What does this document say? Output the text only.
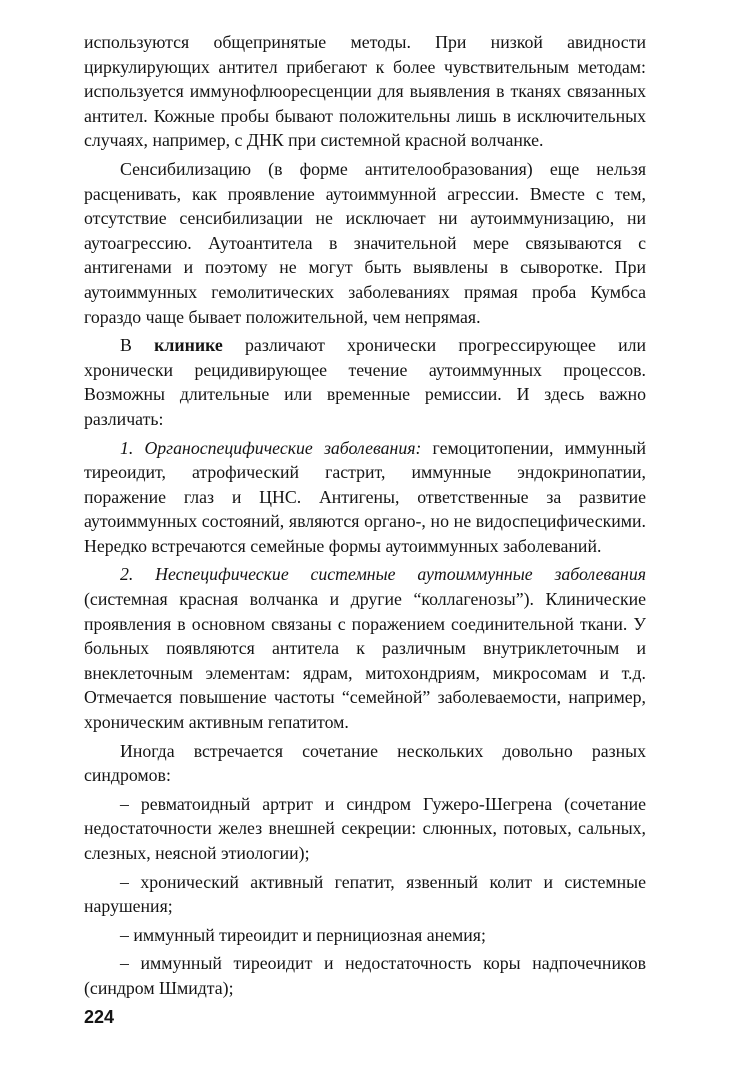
используются общепринятые методы. При низкой авидности циркулирующих антител прибегают к более чувствительным методам: используется иммунофлюоресценции для выявления в тканях связанных антител. Кожные пробы бывают положительны лишь в исключительных случаях, например, с ДНК при системной красной волчанке.

Сенсибилизацию (в форме антителообразования) еще нельзя расценивать, как проявление аутоиммунной агрессии. Вместе с тем, отсутствие сенсибилизации не исключает ни аутоиммунизацию, ни аутоагрессию. Аутоантитела в значительной мере связываются с антигенами и поэтому не могут быть выявлены в сыворотке. При аутоиммунных гемолитических заболеваниях прямая проба Кумбса гораздо чаще бывает положительной, чем непрямая.

В клинике различают хронически прогрессирующее или хронически рецидивирующее течение аутоиммунных процессов. Возможны длительные или временные ремиссии. И здесь важно различать:

1. Органоспецифические заболевания: гемоцитопении, иммунный тиреоидит, атрофический гастрит, иммунные эндокринопатии, поражение глаз и ЦНС. Антигены, ответственные за развитие аутоиммунных состояний, являются органо-, но не видоспецифическими. Нередко встречаются семейные формы аутоиммунных заболеваний.

2. Неспецифические системные аутоиммунные заболевания (системная красная волчанка и другие “коллагенозы”). Клинические проявления в основном связаны с поражением соединительной ткани. У больных появляются антитела к различным внутриклеточным и внеклеточным элементам: ядрам, митохондриям, микросомам и т.д. Отмечается повышение частоты “семейной” заболеваемости, например, хроническим активным гепатитом.

Иногда встречается сочетание нескольких довольно разных синдромов:

– ревматоидный артрит и синдром Гужеро-Шегрена (сочетание недостаточности желез внешней секреции: слюнных, потовых, сальных, слезных, неясной этиологии);

– хронический активный гепатит, язвенный колит и системные нарушения;

– иммунный тиреоидит и пернициозная анемия;

– иммунный тиреоидит и недостаточность коры надпочечников (синдром Шмидта);

224
